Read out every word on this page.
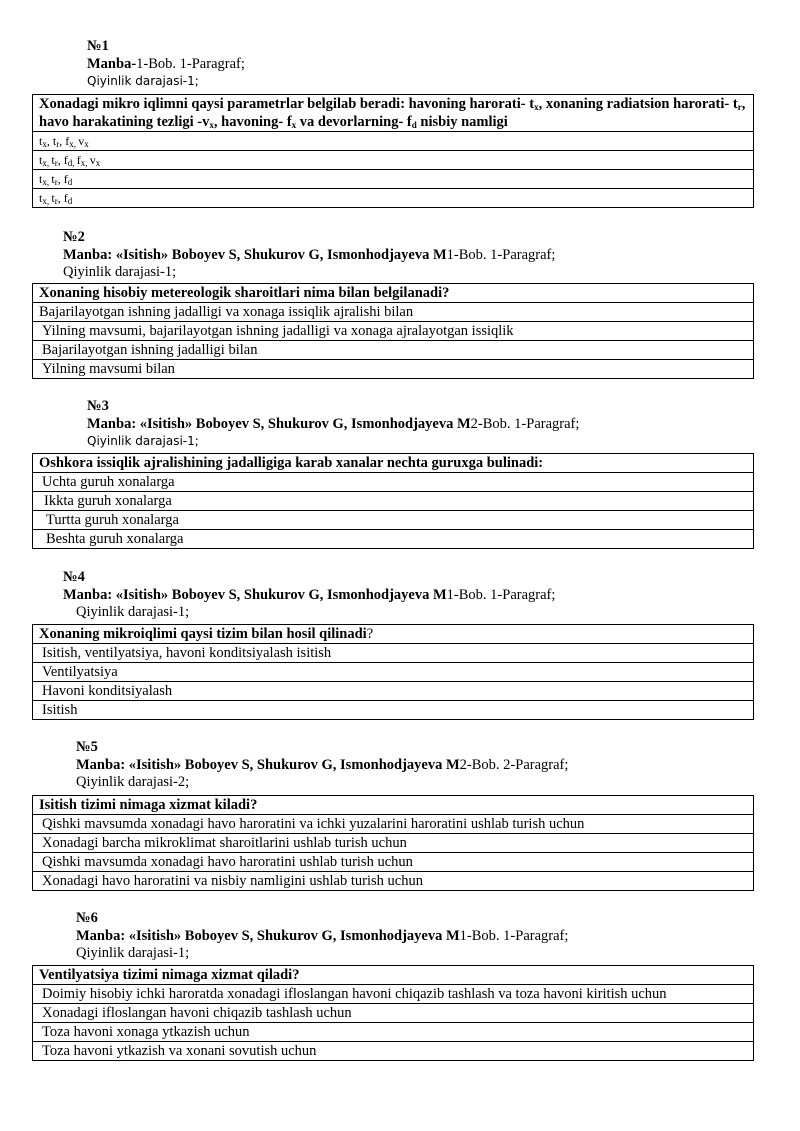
№1
Manba-1-Bob. 1-Paragraf;
Qiyinlik darajasi-1;
Xonadagi mikro iqlimni qaysi parametrlar belgilab beradi: havoning harorati- $t_x$, xonaning radiatsion harorati- $t_r$, havo harakatining tezligi $-v_x$, havoning- $f_x$ va devorlarning- $f_d$ nisbiy namligi
$t_x$, $t_r$, $f_{x,}$ $v_x$
$t_{x,}$ $t_r$, $f_{d,}$ $f_{x,}$ $v_x$
$t_{x,}$ $t_r$, $f_d$
$t_{x,}$ $t_r$, $f_d$
№2
Manba: «Isitish» Boboyev S, Shukurov G, Ismonhodjayeva M1-Bob. 1-Paragraf;
Qiyinlik darajasi-1;
Xonaning hisobiy metereologik sharoitlari nima bilan belgilanadi?
Bajarilayotgan ishning jadalligi va xonaga issiqlik ajralishi bilan
Yilning mavsumi, bajarilayotgan ishning jadalligi va xonaga ajralayotgan issiqlik
Bajarilayotgan ishning jadalligi bilan
Yilning mavsumi bilan
№3
Manba: «Isitish» Boboyev S, Shukurov G, Ismonhodjayeva M2-Bob. 1-Paragraf;
Qiyinlik darajasi-1;
Oshkora issiqlik ajralishining jadalligiga karab xanalar nechta guruxga bulinadi:
Uchta guruh xonalarga
Ikkta guruh xonalarga
Turtta guruh xonalarga
Beshta guruh xonalarga
№4
Manba: «Isitish» Boboyev S, Shukurov G, Ismonhodjayeva M1-Bob. 1-Paragraf;
Qiyinlik darajasi-1;
Xonaning mikroiqlimi qaysi tizim bilan hosil qilinadi?
Isitish, ventilyatsiya, havoni konditsiyalash isitish
Ventilyatsiya
Havoni konditsiyalash
Isitish
№5
Manba: «Isitish» Boboyev S, Shukurov G, Ismonhodjayeva M2-Bob. 2-Paragraf;
Qiyinlik darajasi-2;
Isitish tizimi nimaga xizmat kiladi?
Qishki mavsumda xonadagi havo haroratini va ichki yuzalarini haroratini ushlab turish uchun
Xonadagi barcha mikroklimat sharoitlarini ushlab turish uchun
Qishki mavsumda xonadagi havo haroratini ushlab turish uchun
Xonadagi havo haroratini va nisbiy namligini ushlab turish uchun
№6
Manba: «Isitish» Boboyev S, Shukurov G, Ismonhodjayeva M1-Bob. 1-Paragraf;
Qiyinlik darajasi-1;
Ventilyatsiya tizimi nimaga xizmat qiladi?
Doimiy hisobiy ichki haroratda xonadagi ifloslangan havoni chiqazib tashlash va toza havoni kiritish uchun
Xonadagi ifloslangan havoni chiqazib tashlash uchun
Toza havoni xonaga ytkazish uchun
Toza havoni ytkazish va xonani sovutish uchun
